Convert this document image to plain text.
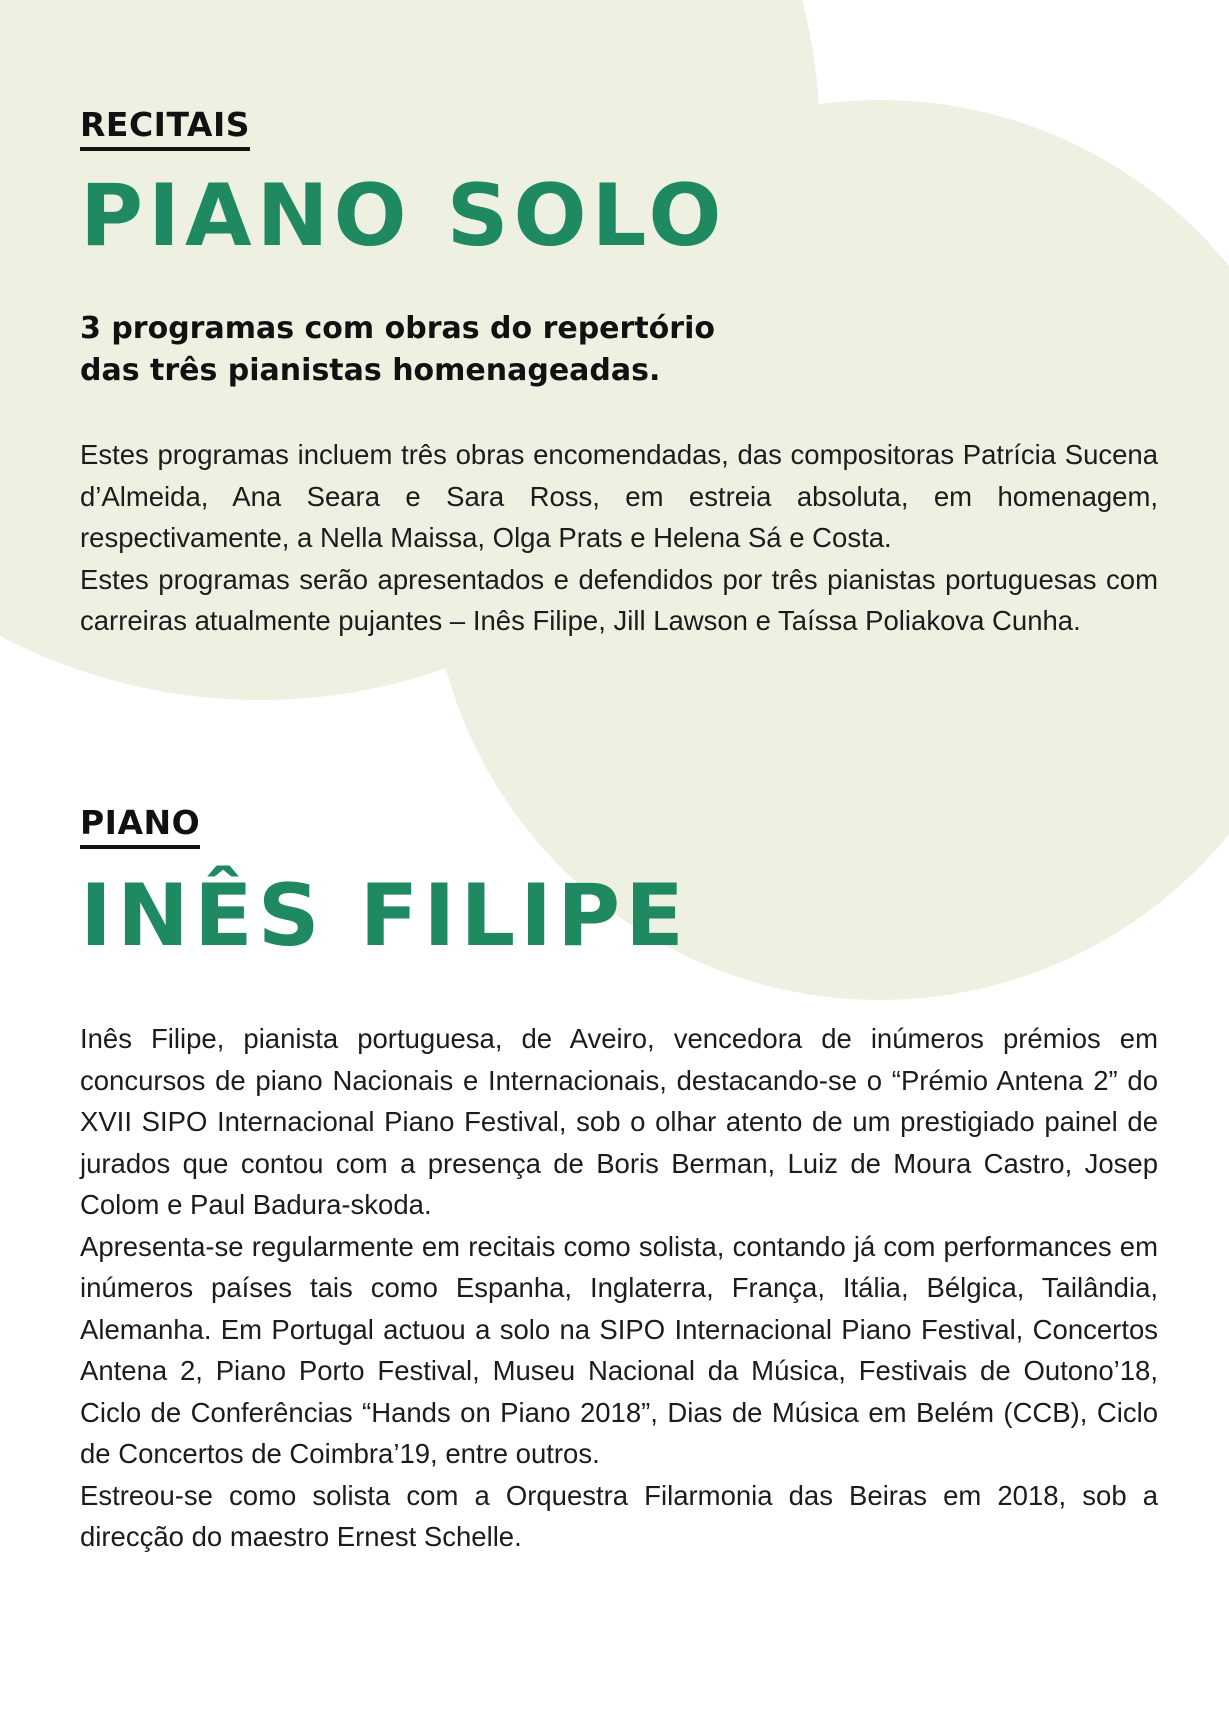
RECITAIS
PIANO SOLO

3 programas com obras do repertório

das três pianistas homenageadas.

Estes programas incluem três obras encomendadas, das compositoras Patrícia Sucena d’Almeida, Ana Seara e Sara Ross, em estreia absoluta, em homenagem, respectivamente, a Nella Maissa, Olga Prats e Helena Sá e Costa.

Estes programas serão apresentados e defendidos por três pianistas portuguesas com carreiras atualmente pujantes – Inês Filipe, Jill Lawson e Taíssa Poliakova Cunha.

PIANO
INÊS FILIPE

Inês Filipe, pianista portuguesa, de Aveiro, vencedora de inúmeros prémios em concursos de piano Nacionais e Internacionais, destacando-se o “Prémio Antena 2” do XVII SIPO Internacional Piano Festival, sob o olhar atento de um prestigiado painel de jurados que contou com a presença de Boris Berman, Luiz de Moura Castro, Josep Colom e Paul Badura-skoda.

Apresenta-se regularmente em recitais como solista, contando já com performances em inúmeros países tais como Espanha, Inglaterra, França, Itália, Bélgica, Tailândia, Alemanha. Em Portugal actuou a solo na SIPO Internacional Piano Festival, Concertos Antena 2, Piano Porto Festival, Museu Nacional da Música, Festivais de Outono’18, Ciclo de Conferências “Hands on Piano 2018”, Dias de Música em Belém (CCB), Ciclo de Concertos de Coimbra’19, entre outros.

Estreou-se como solista com a Orquestra Filarmonia das Beiras em 2018, sob a direcção do maestro Ernest Schelle.
